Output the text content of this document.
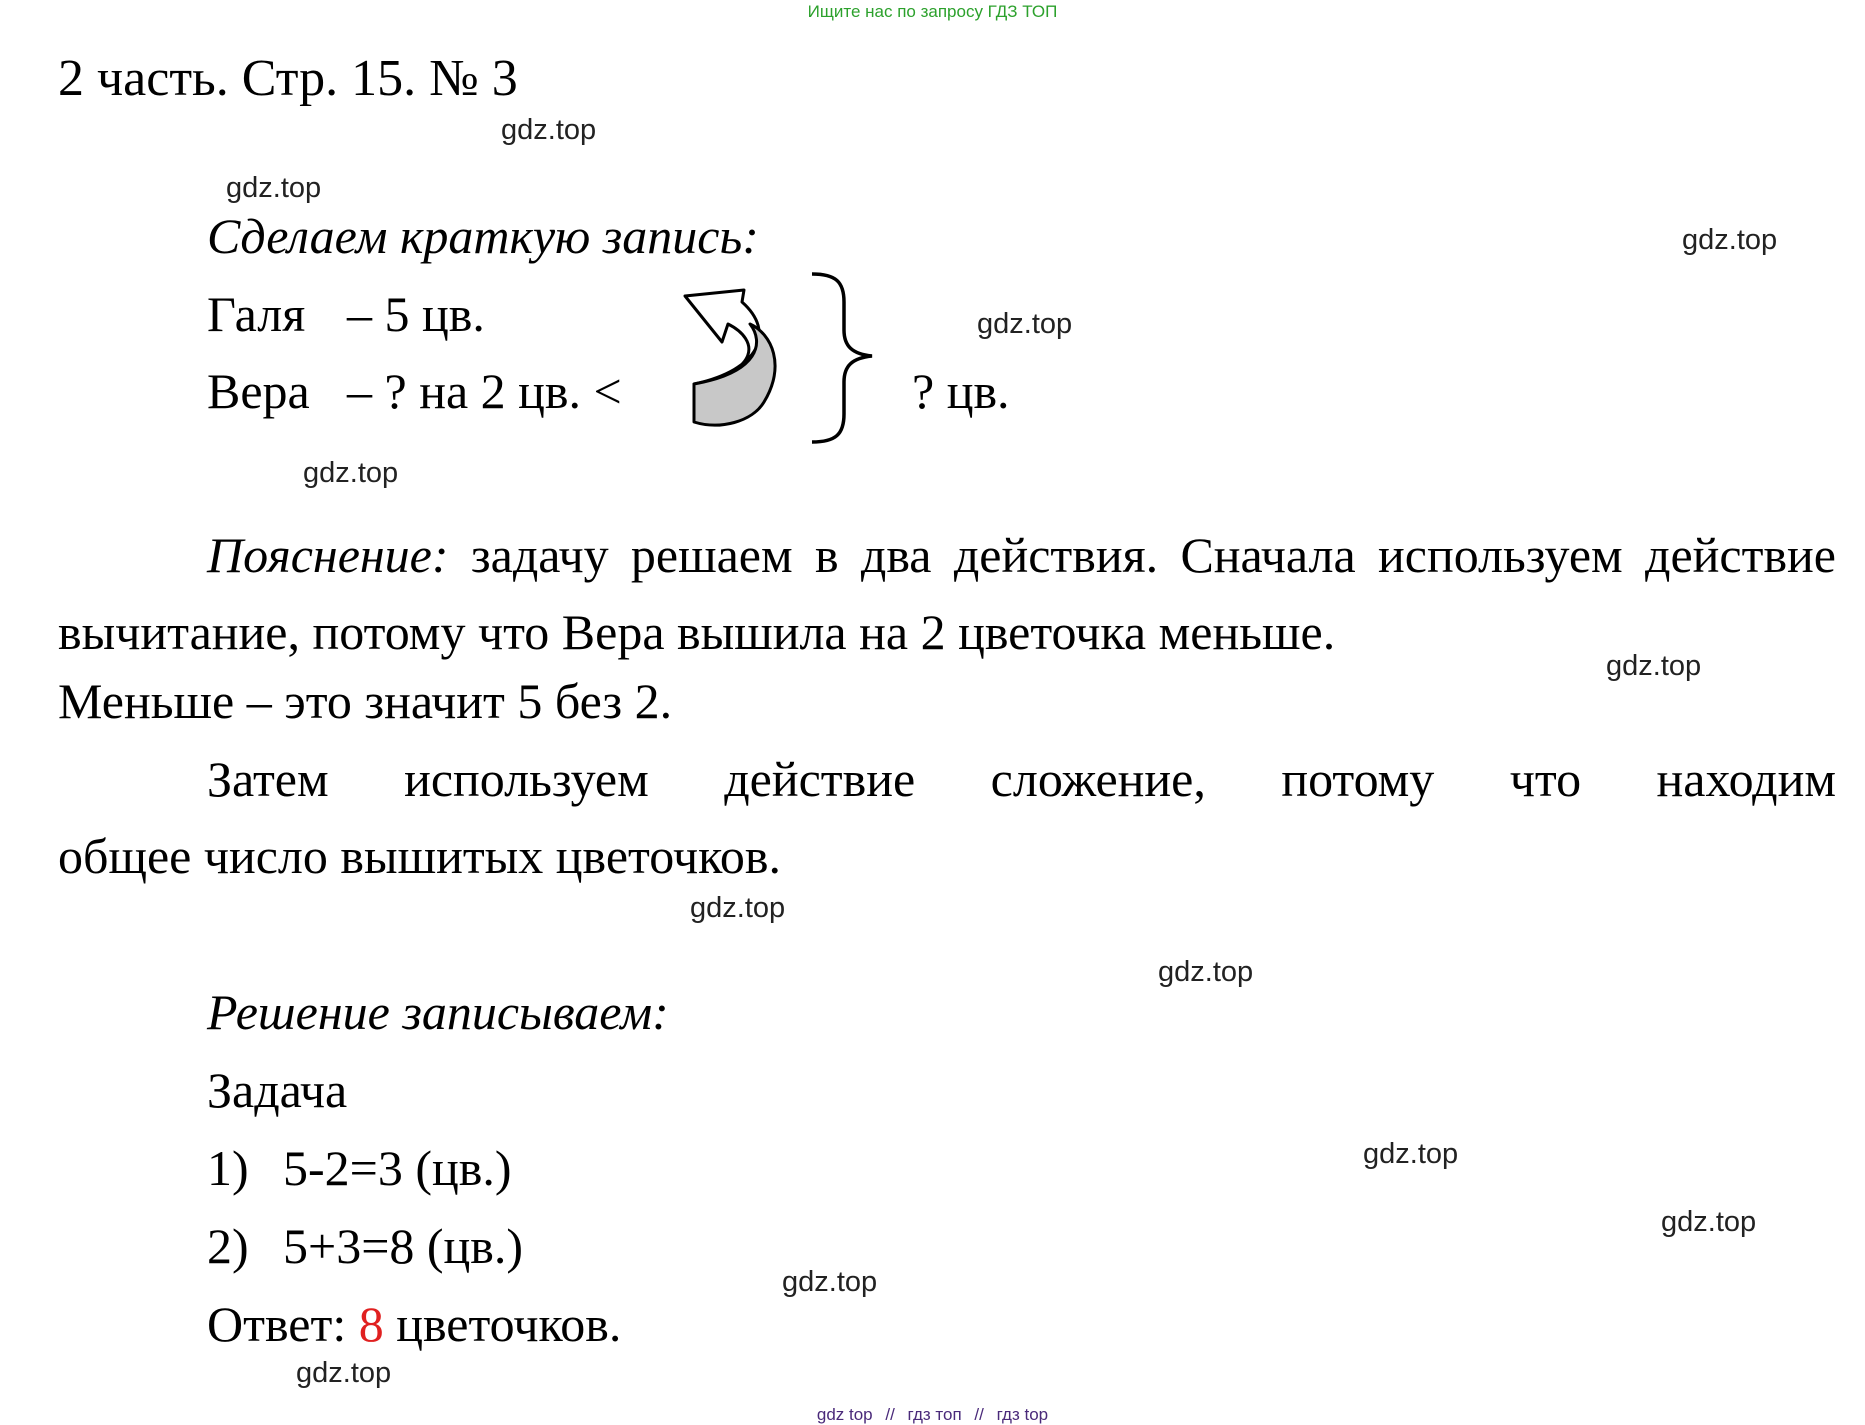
Ищите нас по запросу ГДЗ ТОП
2 часть. Стр. 15. № 3
Сделаем краткую запись:
Галя – 5 цв.
Вера – ? на 2 цв. <	? цв.
Пояснение: задачу решаем в два действия. Сначала используем действие вычитание, потому что Вера вышила на 2 цветочка меньше.
Меньше – это значит 5 без 2.
Затем используем действие сложение, потому что находим
общее число вышитых цветочков.
Решение записываем:
Задача
1) 5-2=3 (цв.)
2) 5+3=8 (цв.)
Ответ: 8 цветочков.
gdz.top
gdz.top
gdz.top
gdz.top
gdz.top
gdz.top
gdz.top
gdz.top
gdz.top
gdz.top
gdz.top
gdz.top
gdz top // гдз топ // гдз top
